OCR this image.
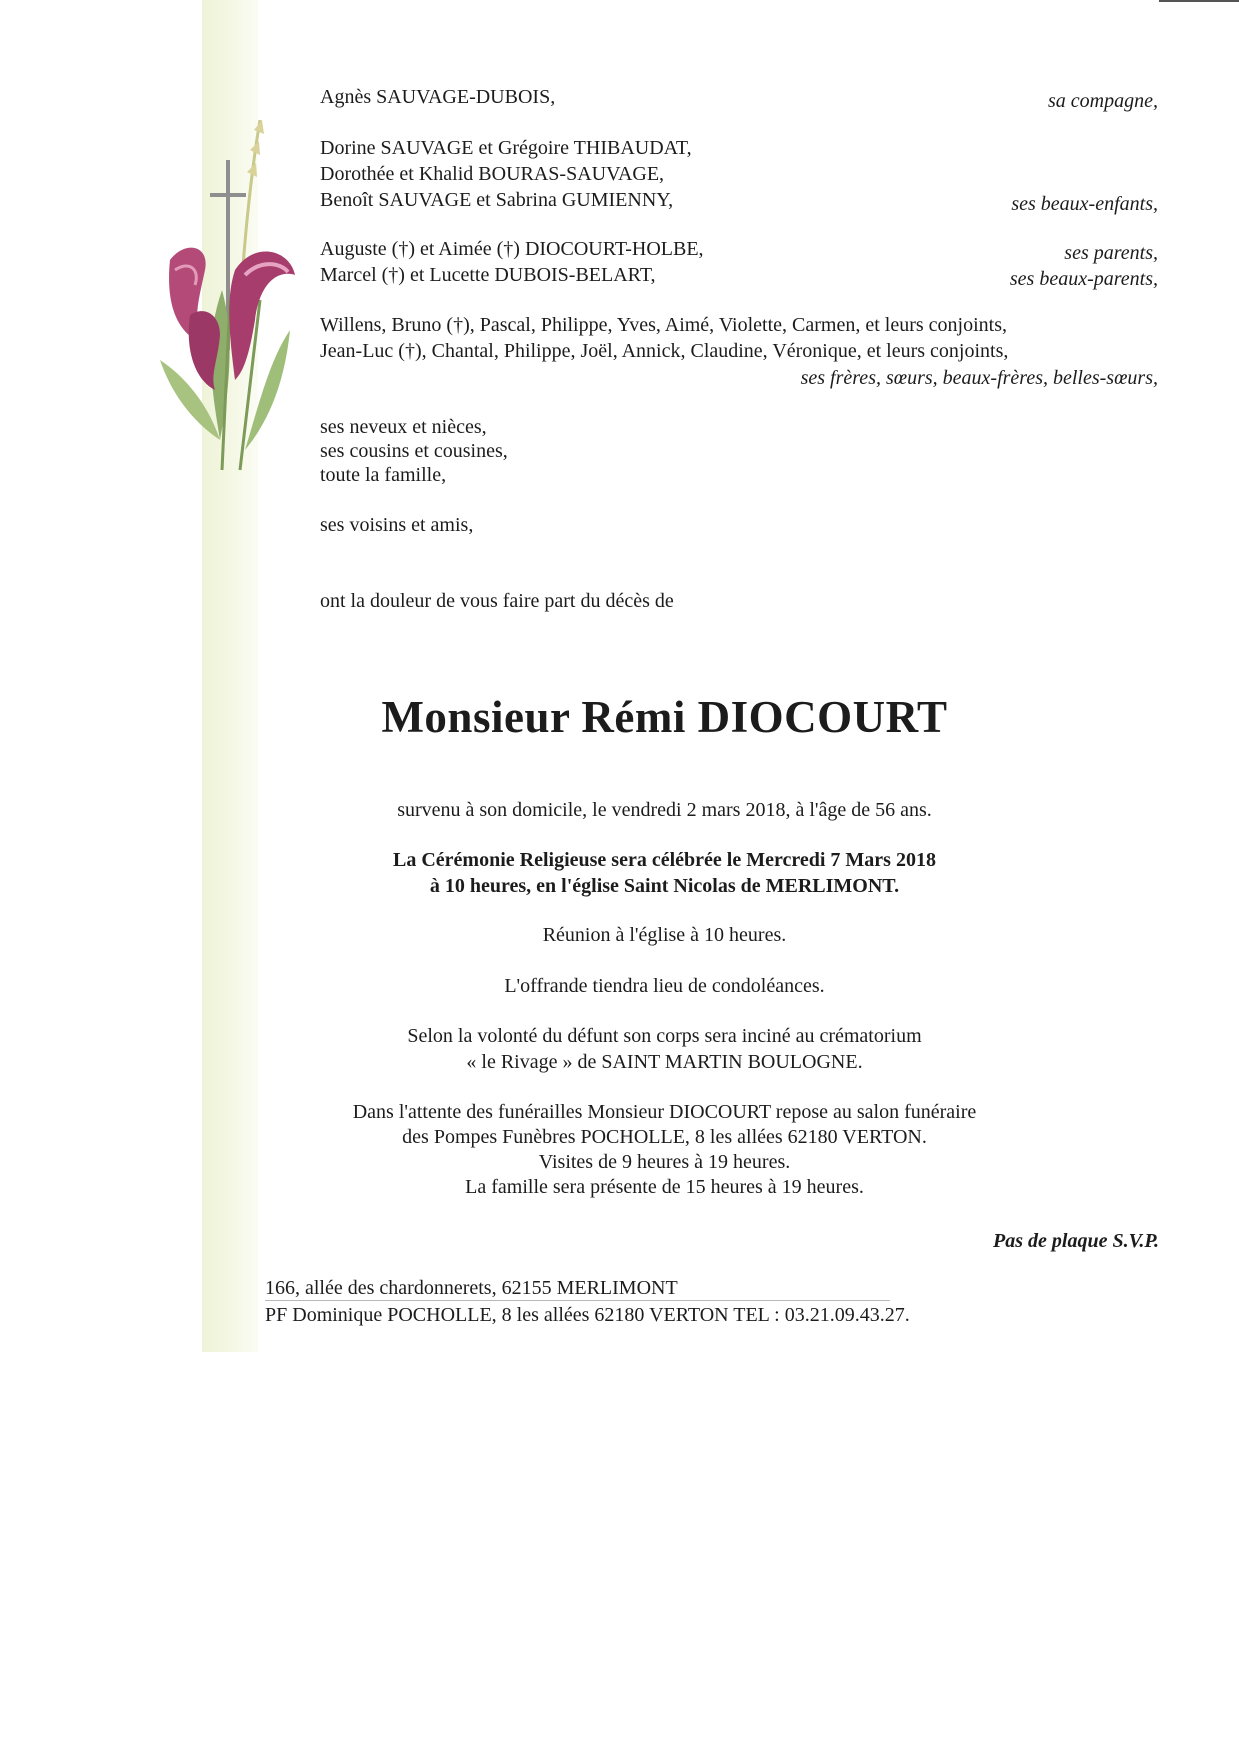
Agnès SAUVAGE-DUBOIS,	sa compagne,
Dorine SAUVAGE et Grégoire THIBAUDAT,
Dorothée et Khalid BOURAS-SAUVAGE,
Benoît SAUVAGE et Sabrina GUMIENNY,	ses beaux-enfants,
Auguste (†) et Aimée (†) DIOCOURT-HOLBE,	ses parents,
Marcel (†) et Lucette DUBOIS-BELART,	ses beaux-parents,
Willens, Bruno (†), Pascal, Philippe, Yves, Aimé, Violette, Carmen, et leurs conjoints,
Jean-Luc (†), Chantal, Philippe, Joël, Annick, Claudine, Véronique, et leurs conjoints,
ses frères, sœurs, beaux-frères, belles-sœurs,
ses neveux et nièces,
ses cousins et cousines,
toute la famille,
ses voisins et amis,
ont la douleur de vous faire part du décès de
Monsieur Rémi DIOCOURT
survenu à son domicile, le vendredi 2 mars 2018, à l'âge de 56 ans.
La Cérémonie Religieuse sera célébrée le Mercredi 7 Mars 2018
à 10 heures, en l'église Saint Nicolas de MERLIMONT.
Réunion à l'église à 10 heures.
L'offrande tiendra lieu de condoléances.
Selon la volonté du défunt son corps sera inciné au crématorium
« le Rivage » de SAINT MARTIN BOULOGNE.
Dans l'attente des funérailles Monsieur DIOCOURT repose au salon funéraire
des Pompes Funèbres POCHOLLE, 8 les allées 62180 VERTON.
Visites de 9 heures à 19 heures.
La famille sera présente de 15 heures à 19 heures.
Pas de plaque S.V.P.
166, allée des chardonnerets, 62155 MERLIMONT
PF Dominique POCHOLLE, 8 les allées 62180 VERTON TEL : 03.21.09.43.27.
